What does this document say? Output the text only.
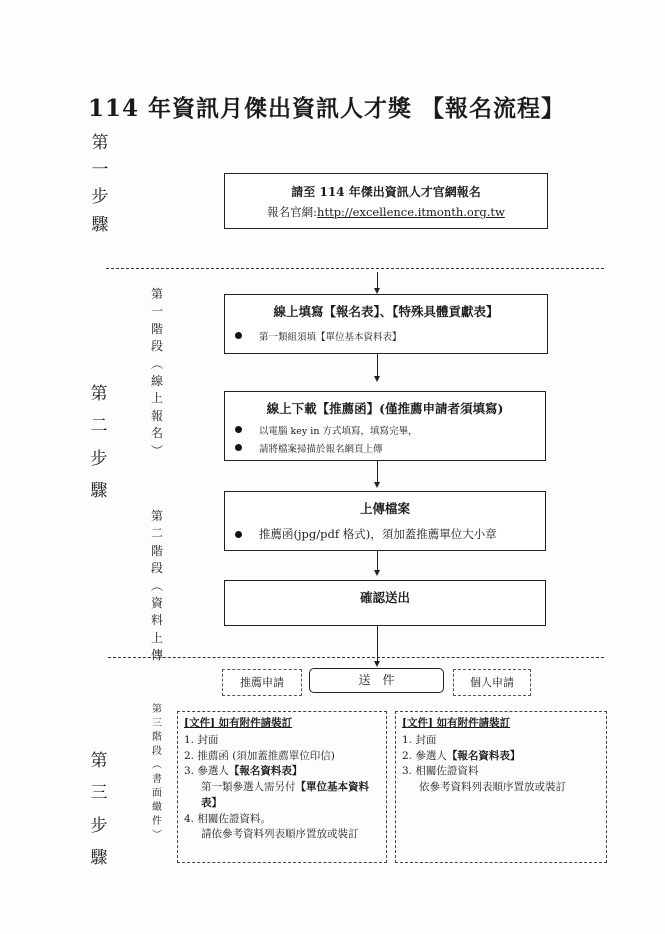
114 年資訊月傑出資訊人才獎 【報名流程】
第
一
步
驟
請至 114 年傑出資訊人才官網報名
報名官網:http://excellence.itmonth.org.tw
第
二
步
驟
第
一
階
段
︵
線
上
報
名
︶
第
二
階
段
︵
資
料
上
傳
線上填寫【報名表】、【特殊具體貢獻表】
第一類組須填【單位基本資料表】
線上下載【推薦函】(僅推薦申請者須填寫)
以電腦 key in 方式填寫，填寫完畢，
請將檔案掃描於報名網頁上傳
上傳檔案
推薦函(jpg/pdf 格式)，須加蓋推薦單位大小章
確認送出
推薦申請	送件	個人申請
第
三
步
驟
第
三
階
段
︵
書
面
繳
件
︶
[文件] 如有附件請裝訂
1. 封面
2. 推薦函 (須加蓋推薦單位印信)
3. 參選人【報名資料表】
第一類參選人需另付【單位基本資料表】
4. 相關佐證資料。
請依參考資料列表順序置放或裝訂
[文件] 如有附件請裝訂
1. 封面
2. 參選人【報名資料表】
3. 相關佐證資料
依參考資料列表順序置放或裝訂
